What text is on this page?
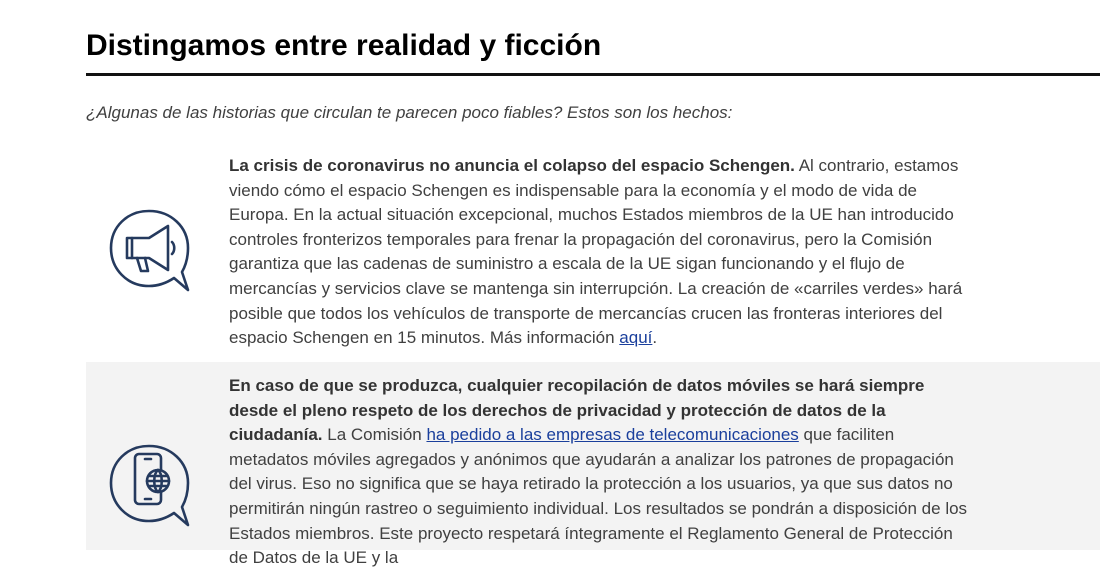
Distingamos entre realidad y ficción

¿Algunas de las historias que circulan te parecen poco fiables? Estos son los hechos:

La crisis de coronavirus no anuncia el colapso del espacio Schengen. Al contrario, estamos viendo cómo el espacio Schengen es indispensable para la economía y el modo de vida de Europa. En la actual situación excepcional, muchos Estados miembros de la UE han introducido controles fronterizos temporales para frenar la propagación del coronavirus, pero la Comisión garantiza que las cadenas de suministro a escala de la UE sigan funcionando y el flujo de mercancías y servicios clave se mantenga sin interrupción. La creación de «carriles verdes» hará posible que todos los vehículos de transporte de mercancías crucen las fronteras interiores del espacio Schengen en 15 minutos. Más información aquí.

En caso de que se produzca, cualquier recopilación de datos móviles se hará siempre desde el pleno respeto de los derechos de privacidad y protección de datos de la ciudadanía. La Comisión ha pedido a las empresas de telecomunicaciones que faciliten metadatos móviles agregados y anónimos que ayudarán a analizar los patrones de propagación del virus. Eso no significa que se haya retirado la protección a los usuarios, ya que sus datos no permitirán ningún rastreo o seguimiento individual. Los resultados se pondrán a disposición de los Estados miembros. Este proyecto respetará íntegramente el Reglamento General de Protección de Datos de la UE y la
